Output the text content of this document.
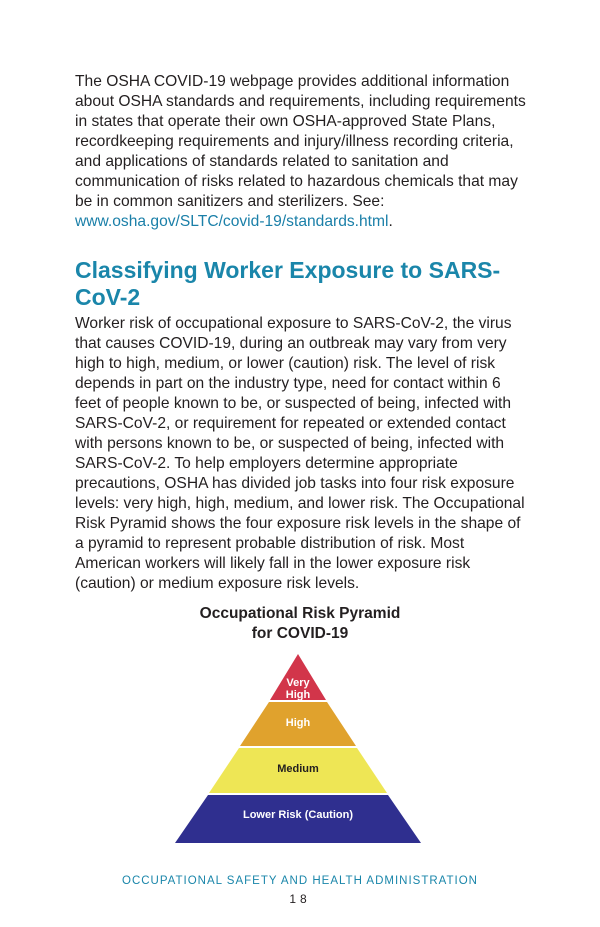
The OSHA COVID-19 webpage provides additional information about OSHA standards and requirements, including requirements in states that operate their own OSHA-approved State Plans, recordkeeping requirements and injury/illness recording criteria, and applications of standards related to sanitation and communication of risks related to hazardous chemicals that may be in common sanitizers and sterilizers. See: www.osha.gov/SLTC/covid-19/standards.html.

Classifying Worker Exposure to SARS-CoV-2

Worker risk of occupational exposure to SARS-CoV-2, the virus that causes COVID-19, during an outbreak may vary from very high to high, medium, or lower (caution) risk. The level of risk depends in part on the industry type, need for contact within 6 feet of people known to be, or suspected of being, infected with SARS-CoV-2, or requirement for repeated or extended contact with persons known to be, or suspected of being, infected with SARS-CoV-2. To help employers determine appropriate precautions, OSHA has divided job tasks into four risk exposure levels: very high, high, medium, and lower risk. The Occupational Risk Pyramid shows the four exposure risk levels in the shape of a pyramid to represent probable distribution of risk. Most American workers will likely fall in the lower exposure risk (caution) or medium exposure risk levels.

Occupational Risk Pyramid
for COVID-19
Very
High
High
Medium
Lower Risk (Caution)
OCCUPATIONAL SAFETY AND HEALTH ADMINISTRATION
18
